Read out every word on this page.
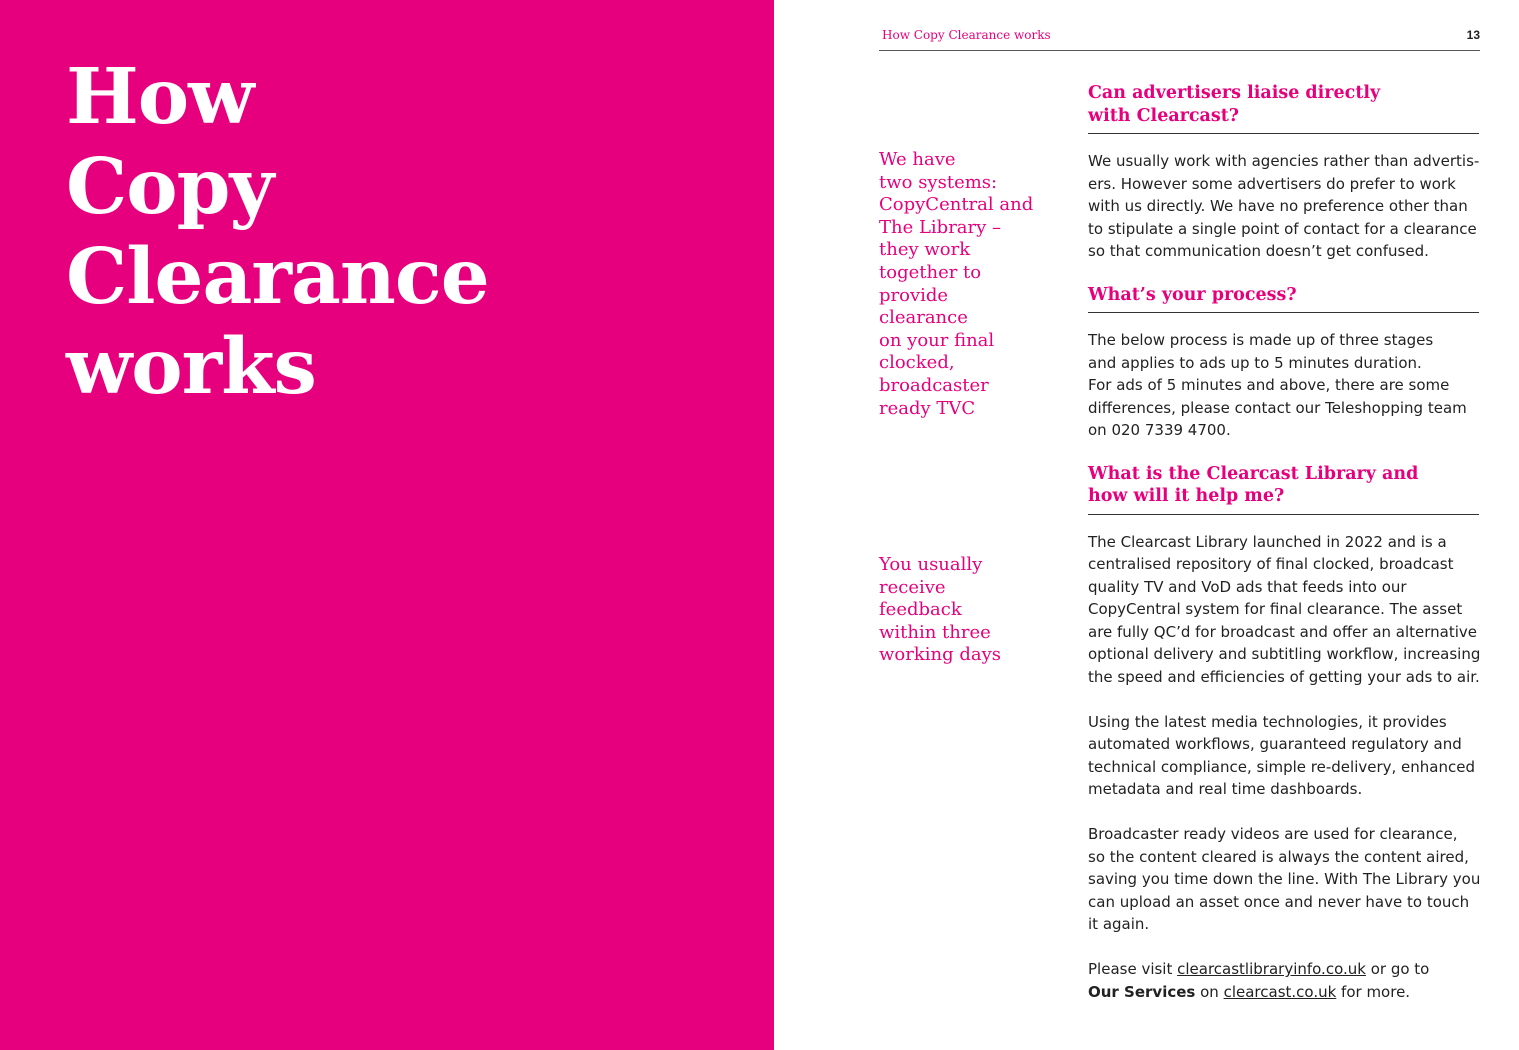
How
Copy
Clearance
works
How Copy Clearance works	13

We have
two systems:
CopyCentral and
The Library –
they work
together to
provide
clearance
on your final
clocked,
broadcaster
ready TVC

You usually
receive
feedback
within three
working days

Can advertisers liaise directly
with Clearcast?

We usually work with agencies rather than advertis-
ers. However some advertisers do prefer to work
with us directly. We have no preference other than
to stipulate a single point of contact for a clearance
so that communication doesn’t get confused.

What’s your process?

The below process is made up of three stages
and applies to ads up to 5 minutes duration.
For ads of 5 minutes and above, there are some
differences, please contact our Teleshopping team
on 020 7339 4700.

What is the Clearcast Library and
how will it help me?

The Clearcast Library launched in 2022 and is a
centralised repository of final clocked, broadcast
quality TV and VoD ads that feeds into our
CopyCentral system for final clearance. The asset
are fully QC’d for broadcast and offer an alternative
optional delivery and subtitling workflow, increasing
the speed and efficiencies of getting your ads to air.

Using the latest media technologies, it provides
automated workflows, guaranteed regulatory and
technical compliance, simple re-delivery, enhanced
metadata and real time dashboards.

Broadcaster ready videos are used for clearance,
so the content cleared is always the content aired,
saving you time down the line. With The Library you
can upload an asset once and never have to touch
it again.

Please visit clearcastlibraryinfo.co.uk or go to
Our Services on clearcast.co.uk for more.
